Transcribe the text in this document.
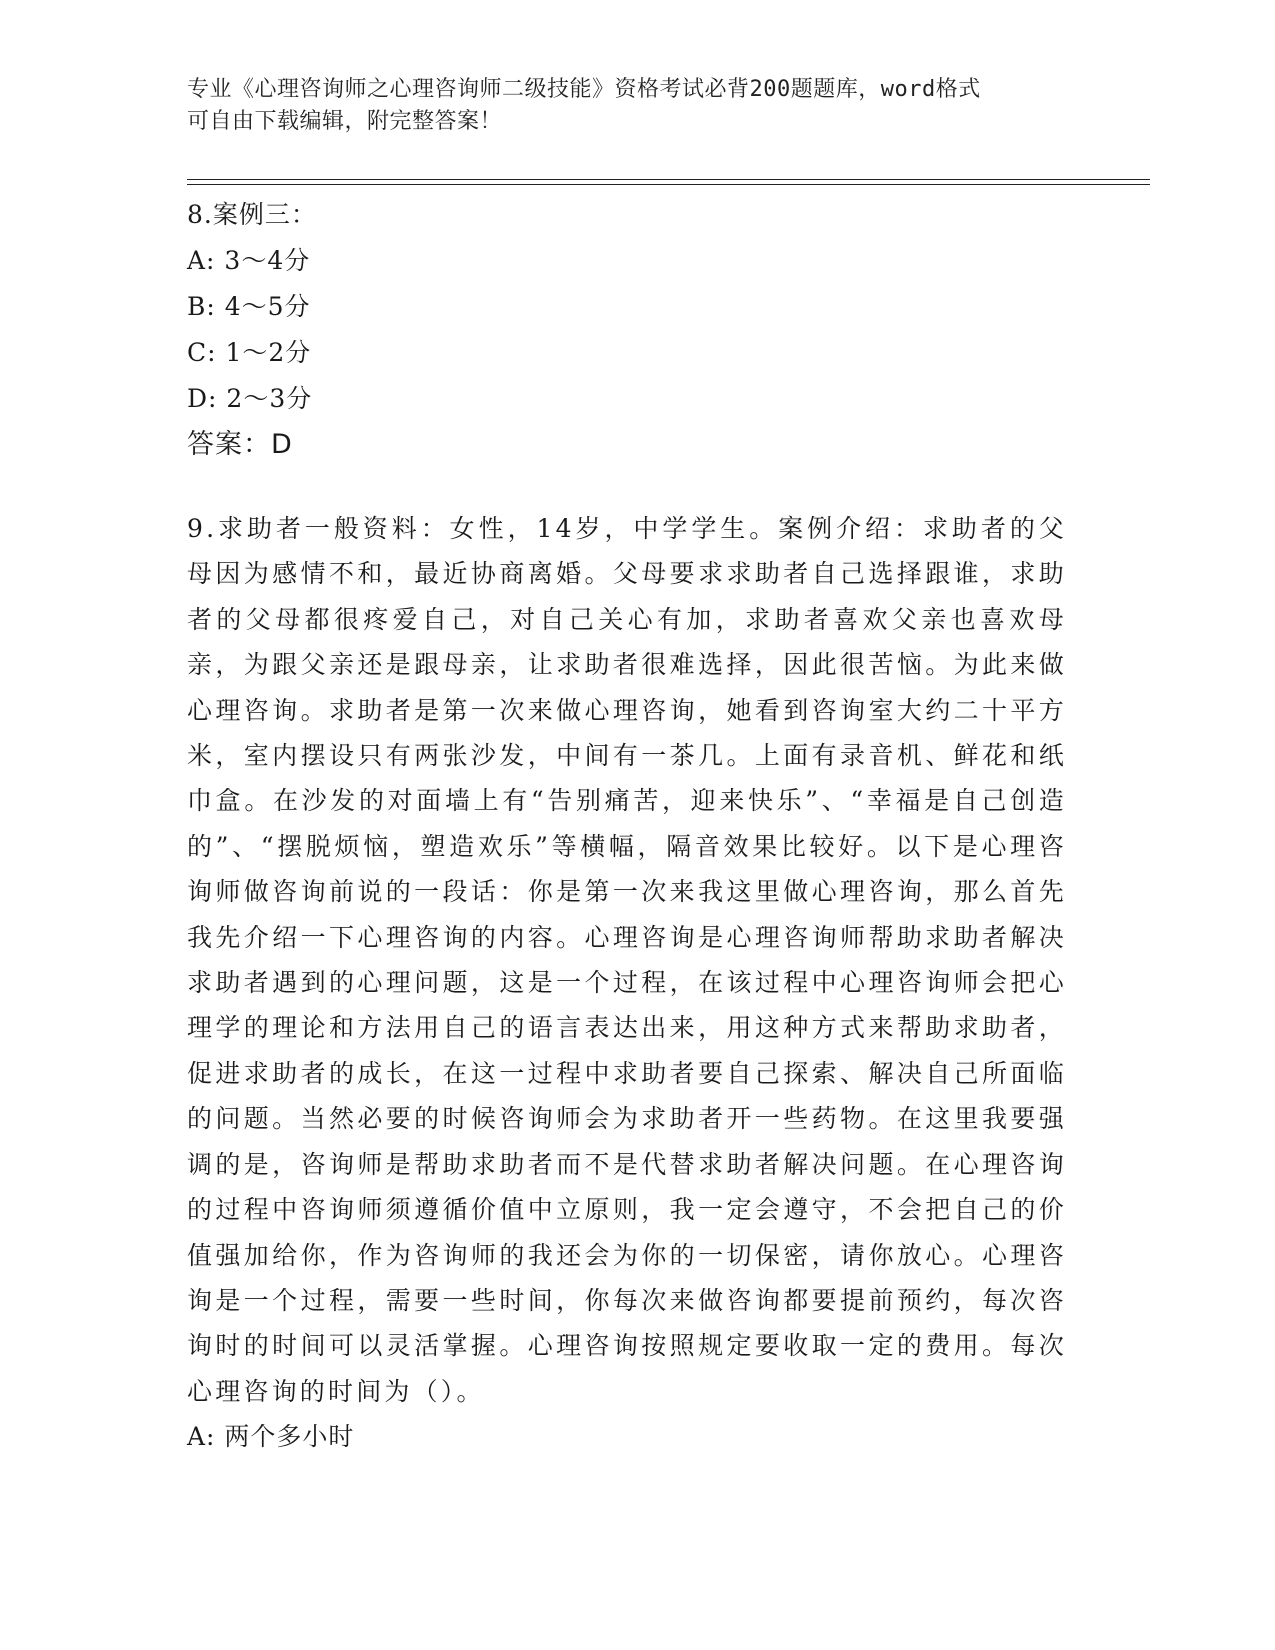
专业《心理咨询师之心理咨询师二级技能》资格考试必背200题题库，word格式
可自由下载编辑，附完整答案！
8.案例三：
A: 3～4分
B: 4～5分
C: 1～2分
D: 2～3分
答案：D
9.求助者一般资料：女性，14岁，中学学生。案例介绍：求助者的父母因为感情不和，最近协商离婚。父母要求求助者自己选择跟谁，求助者的父母都很疼爱自己，对自己关心有加，求助者喜欢父亲也喜欢母亲，为跟父亲还是跟母亲，让求助者很难选择，因此很苦恼。为此来做心理咨询。求助者是第一次来做心理咨询，她看到咨询室大约二十平方米，室内摆设只有两张沙发，中间有一茶几。上面有录音机、鲜花和纸巾盒。在沙发的对面墙上有“告别痛苦，迎来快乐”、“幸福是自己创造的”、“摆脱烦恼，塑造欢乐”等横幅，隔音效果比较好。以下是心理咨询师做咨询前说的一段话：你是第一次来我这里做心理咨询，那么首先我先介绍一下心理咨询的内容。心理咨询是心理咨询师帮助求助者解决求助者遇到的心理问题，这是一个过程，在该过程中心理咨询师会把心理学的理论和方法用自己的语言表达出来，用这种方式来帮助求助者，促进求助者的成长，在这一过程中求助者要自己探索、解决自己所面临的问题。当然必要的时候咨询师会为求助者开一些药物。在这里我要强调的是，咨询师是帮助求助者而不是代替求助者解决问题。在心理咨询的过程中咨询师须遵循价值中立原则，我一定会遵守，不会把自己的价值强加给你，作为咨询师的我还会为你的一切保密，请你放心。心理咨询是一个过程，需要一些时间，你每次来做咨询都要提前预约，每次咨询时的时间可以灵活掌握。心理咨询按照规定要收取一定的费用。每次心理咨询的时间为（）。
A: 两个多小时
